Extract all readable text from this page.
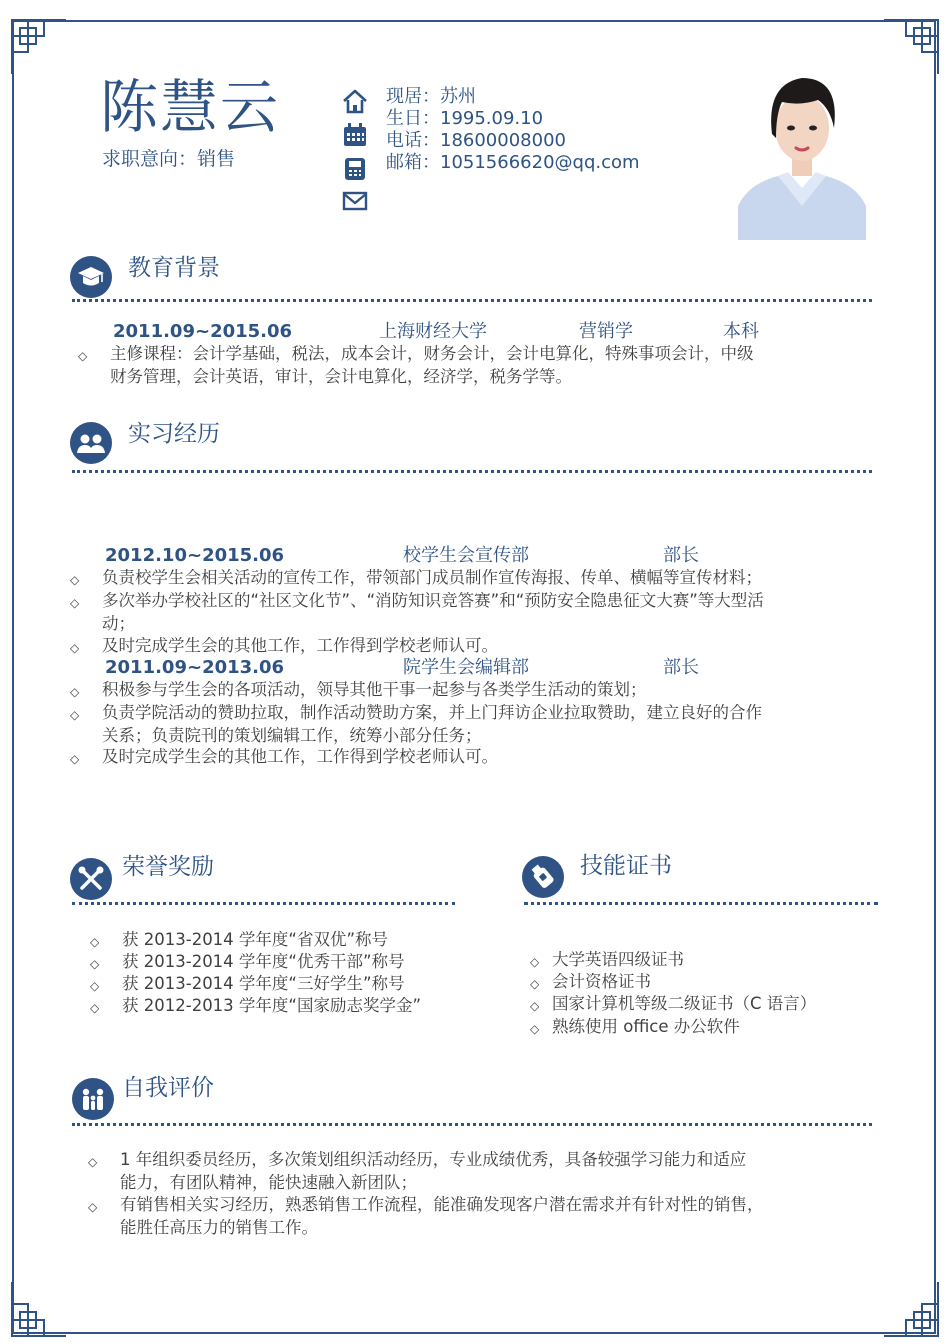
陈慧云
求职意向：销售
现居：苏州
生日：1995.09.10
电话：18600008000
邮箱：1051566620@qq.com
教育背景
2011.09~2015.06	上海财经大学	营销学	本科
◇	主修课程：会计学基础，税法，成本会计，财务会计，会计电算化，特殊事项会计，中级
财务管理，会计英语，审计，会计电算化，经济学，税务学等。
实习经历
2012.10~2015.06	校学生会宣传部	部长
◇	负责校学生会相关活动的宣传工作，带领部门成员制作宣传海报、传单、横幅等宣传材料；
◇	多次举办学校社区的“社区文化节”、“消防知识竞答赛”和“预防安全隐患征文大赛”等大型活
动；
◇	及时完成学生会的其他工作，工作得到学校老师认可。
2011.09~2013.06	院学生会编辑部	部长
◇	积极参与学生会的各项活动，领导其他干事一起参与各类学生活动的策划；
◇	负责学院活动的赞助拉取，制作活动赞助方案，并上门拜访企业拉取赞助，建立良好的合作
关系；负责院刊的策划编辑工作，统筹小部分任务；
◇	及时完成学生会的其他工作，工作得到学校老师认可。
荣誉奖励
◇	获 2013-2014 学年度“省双优”称号
◇	获 2013-2014 学年度“优秀干部”称号
◇	获 2013-2014 学年度“三好学生”称号
◇	获 2012-2013 学年度“国家励志奖学金”
技能证书
◇ 大学英语四级证书
◇ 会计资格证书
◇ 国家计算机等级二级证书（C 语言）
◇ 熟练使用 office 办公软件
自我评价
◇	1 年组织委员经历，多次策划组织活动经历，专业成绩优秀，具备较强学习能力和适应
能力，有团队精神，能快速融入新团队；
◇	有销售相关实习经历，熟悉销售工作流程，能准确发现客户潜在需求并有针对性的销售，
能胜任高压力的销售工作。
